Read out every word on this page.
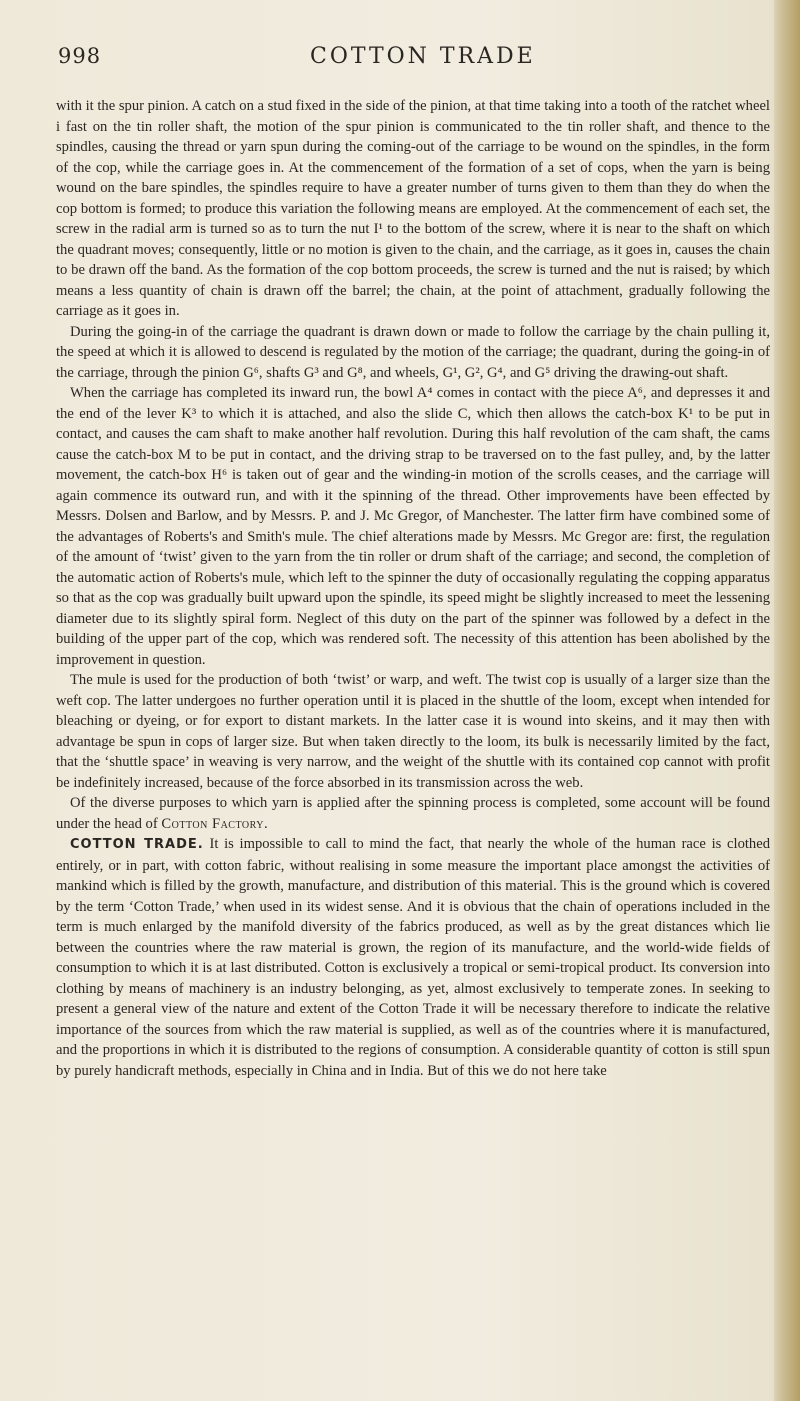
998	COTTON TRADE

with it the spur pinion. A catch on a stud fixed in the side of the pinion, at that time taking into a tooth of the ratchet wheel i fast on the tin roller shaft, the motion of the spur pinion is communicated to the tin roller shaft, and thence to the spindles, causing the thread or yarn spun during the coming-out of the carriage to be wound on the spindles, in the form of the cop, while the carriage goes in. At the commencement of the formation of a set of cops, when the yarn is being wound on the bare spindles, the spindles require to have a greater number of turns given to them than they do when the cop bottom is formed; to produce this variation the following means are employed. At the commencement of each set, the screw in the radial arm is turned so as to turn the nut I¹ to the bottom of the screw, where it is near to the shaft on which the quadrant moves; consequently, little or no motion is given to the chain, and the carriage, as it goes in, causes the chain to be drawn off the band. As the formation of the cop bottom proceeds, the screw is turned and the nut is raised; by which means a less quantity of chain is drawn off the barrel; the chain, at the point of attachment, gradually following the carriage as it goes in.

During the going-in of the carriage the quadrant is drawn down or made to follow the carriage by the chain pulling it, the speed at which it is allowed to descend is regulated by the motion of the carriage; the quadrant, during the going-in of the carriage, through the pinion G⁶, shafts G³ and G⁸, and wheels, G¹, G², G⁴, and G⁵ driving the drawing-out shaft.

When the carriage has completed its inward run, the bowl A⁴ comes in contact with the piece A⁶, and depresses it and the end of the lever K³ to which it is attached, and also the slide C, which then allows the catch-box K¹ to be put in contact, and causes the cam shaft to make another half revolution. During this half revolution of the cam shaft, the cams cause the catch-box M to be put in contact, and the driving strap to be traversed on to the fast pulley, and, by the latter movement, the catch-box H⁶ is taken out of gear and the winding-in motion of the scrolls ceases, and the carriage will again commence its outward run, and with it the spinning of the thread. Other improvements have been effected by Messrs. Dolsen and Barlow, and by Messrs. P. and J. Mc Gregor, of Manchester. The latter firm have combined some of the advantages of Roberts's and Smith's mule. The chief alterations made by Messrs. Mc Gregor are: first, the regulation of the amount of ‘twist’ given to the yarn from the tin roller or drum shaft of the carriage; and second, the completion of the automatic action of Roberts's mule, which left to the spinner the duty of occasionally regulating the copping apparatus so that as the cop was gradually built upward upon the spindle, its speed might be slightly increased to meet the lessening diameter due to its slightly spiral form. Neglect of this duty on the part of the spinner was followed by a defect in the building of the upper part of the cop, which was rendered soft. The necessity of this attention has been abolished by the improvement in question.

The mule is used for the production of both ‘twist’ or warp, and weft. The twist cop is usually of a larger size than the weft cop. The latter undergoes no further operation until it is placed in the shuttle of the loom, except when intended for bleaching or dyeing, or for export to distant markets. In the latter case it is wound into skeins, and it may then with advantage be spun in cops of larger size. But when taken directly to the loom, its bulk is necessarily limited by the fact, that the ‘shuttle space’ in weaving is very narrow, and the weight of the shuttle with its contained cop cannot with profit be indefinitely increased, because of the force absorbed in its transmission across the web.

Of the diverse purposes to which yarn is applied after the spinning process is completed, some account will be found under the head of Cotton Factory.

COTTON TRADE. It is impossible to call to mind the fact, that nearly the whole of the human race is clothed entirely, or in part, with cotton fabric, without realising in some measure the important place amongst the activities of mankind which is filled by the growth, manufacture, and distribution of this material. This is the ground which is covered by the term ‘Cotton Trade,’ when used in its widest sense. And it is obvious that the chain of operations included in the term is much enlarged by the manifold diversity of the fabrics produced, as well as by the great distances which lie between the countries where the raw material is grown, the region of its manufacture, and the world-wide fields of consumption to which it is at last distributed. Cotton is exclusively a tropical or semi-tropical product. Its conversion into clothing by means of machinery is an industry belonging, as yet, almost exclusively to temperate zones. In seeking to present a general view of the nature and extent of the Cotton Trade it will be necessary therefore to indicate the relative importance of the sources from which the raw material is supplied, as well as of the countries where it is manufactured, and the proportions in which it is distributed to the regions of consumption. A considerable quantity of cotton is still spun by purely handicraft methods, especially in China and in India. But of this we do not here take
